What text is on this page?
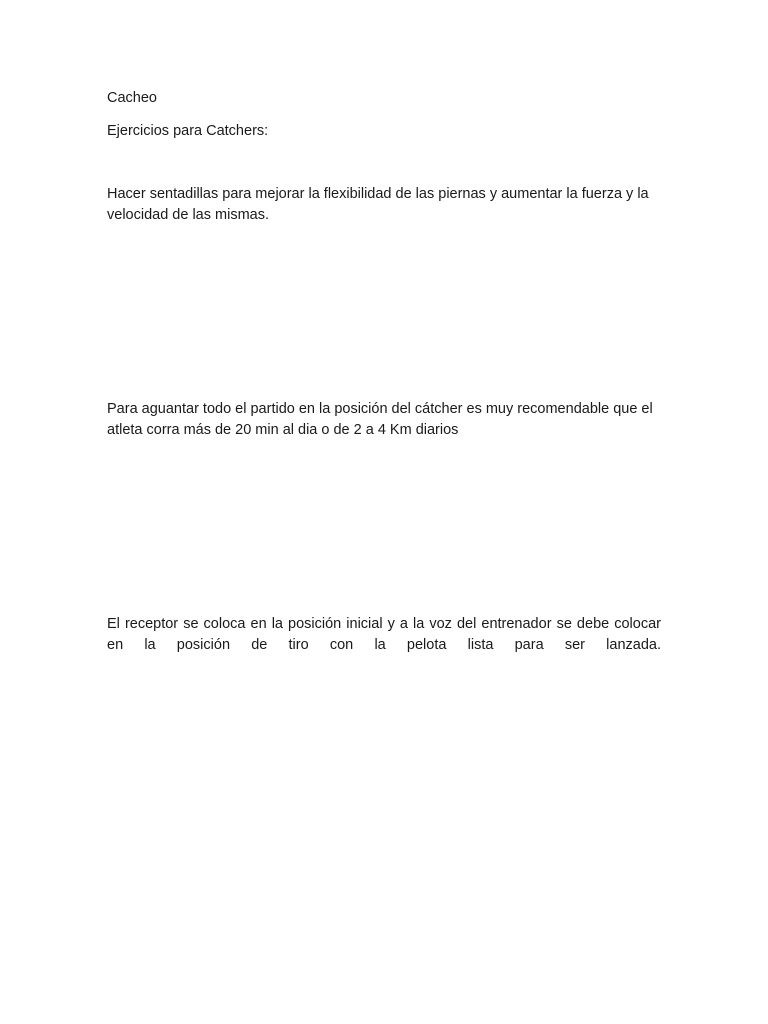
Cacheo

Ejercicios para Catchers:

Hacer sentadillas para mejorar la flexibilidad de las piernas y aumentar la fuerza y la velocidad de las mismas.

Para aguantar todo el partido en la posición del cátcher es muy recomendable que el atleta corra más de 20 min al dia o de 2 a 4 Km diarios

El receptor se coloca en la posición inicial y a la voz del entrenador se debe colocar en la posición de tiro con la pelota lista para ser lanzada.
